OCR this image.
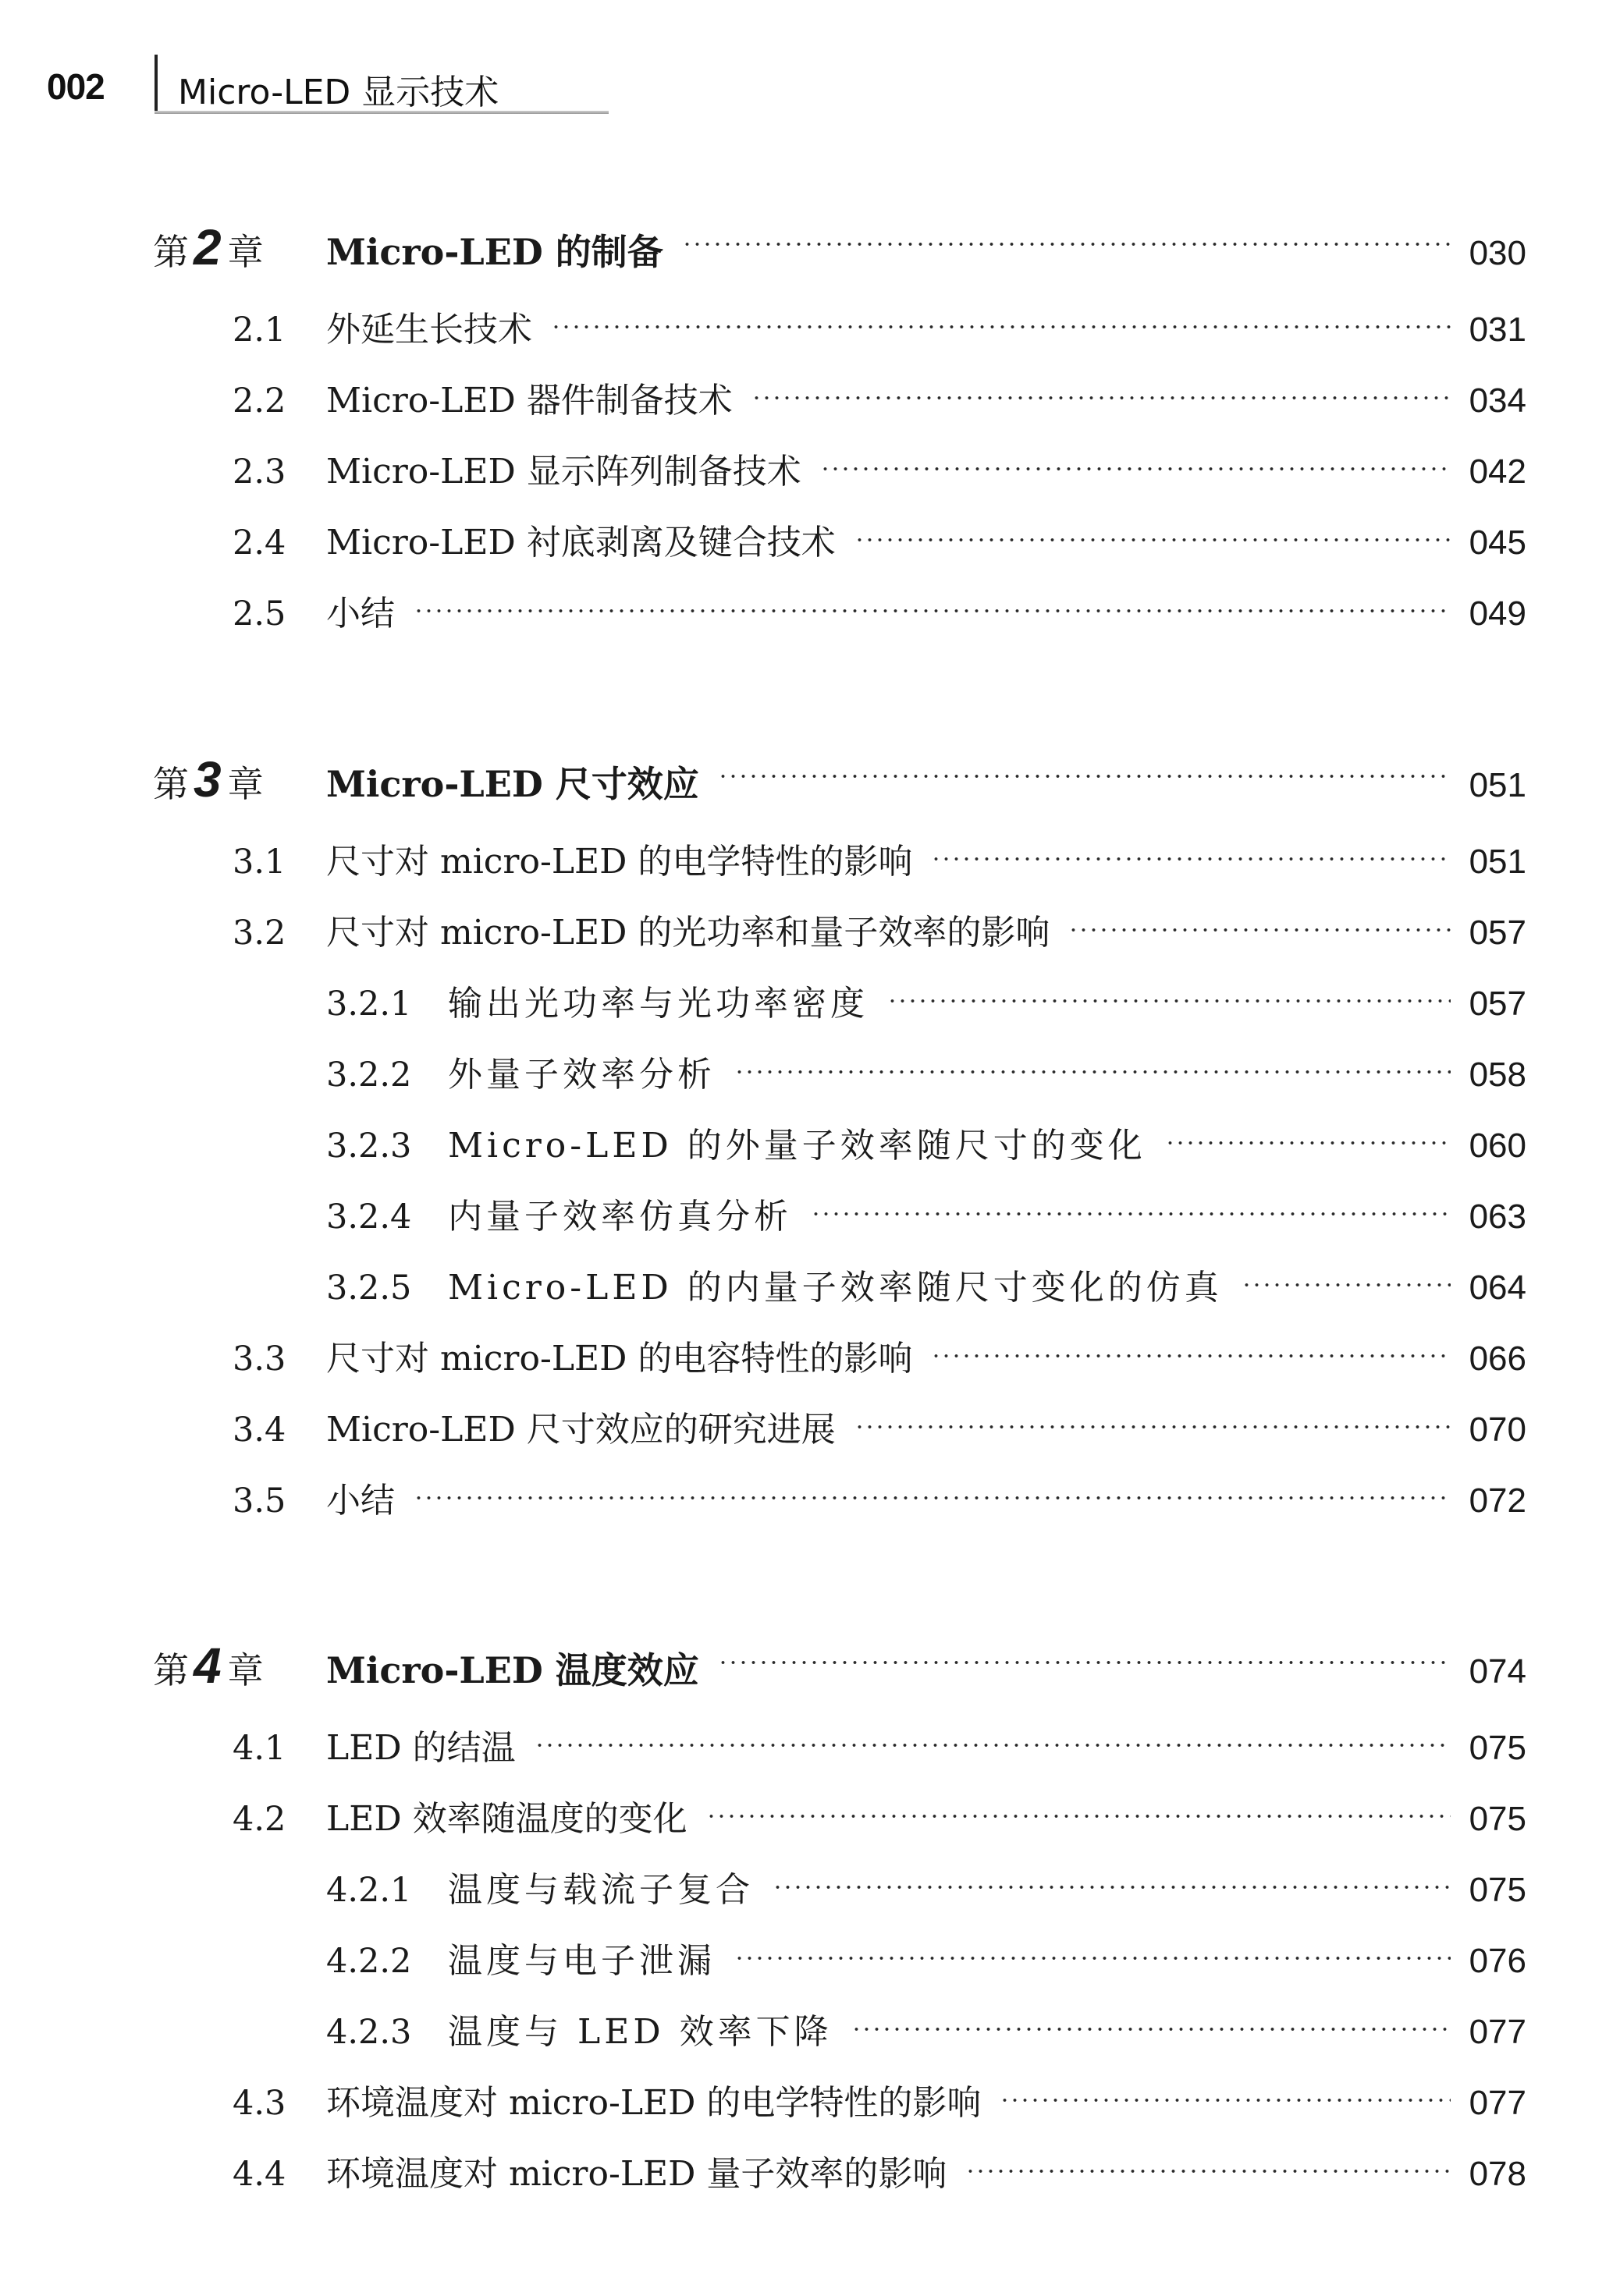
002 Micro-LED 显示技术
第 2 章 Micro-LED 的制备	030
2.1	外延生长技术	031
2.2	Micro-LED 器件制备技术	034
2.3	Micro-LED 显示阵列制备技术	042
2.4	Micro-LED 衬底剥离及键合技术	045
2.5	小结	049
第 3 章 Micro-LED 尺寸效应	051
3.1	尺寸对 micro-LED 的电学特性的影响	051
3.2	尺寸对 micro-LED 的光功率和量子效率的影响	057
3.2.1	输出光功率与光功率密度	057
3.2.2	外量子效率分析	058
3.2.3	Micro-LED 的外量子效率随尺寸的变化	060
3.2.4	内量子效率仿真分析	063
3.2.5	Micro-LED 的内量子效率随尺寸变化的仿真	064
3.3	尺寸对 micro-LED 的电容特性的影响	066
3.4	Micro-LED 尺寸效应的研究进展	070
3.5	小结	072
第 4 章 Micro-LED 温度效应	074
4.1	LED 的结温	075
4.2	LED 效率随温度的变化	075
4.2.1	温度与载流子复合	075
4.2.2	温度与电子泄漏	076
4.2.3	温度与 LED 效率下降	077
4.3	环境温度对 micro-LED 的电学特性的影响	077
4.4	环境温度对 micro-LED 量子效率的影响	078
